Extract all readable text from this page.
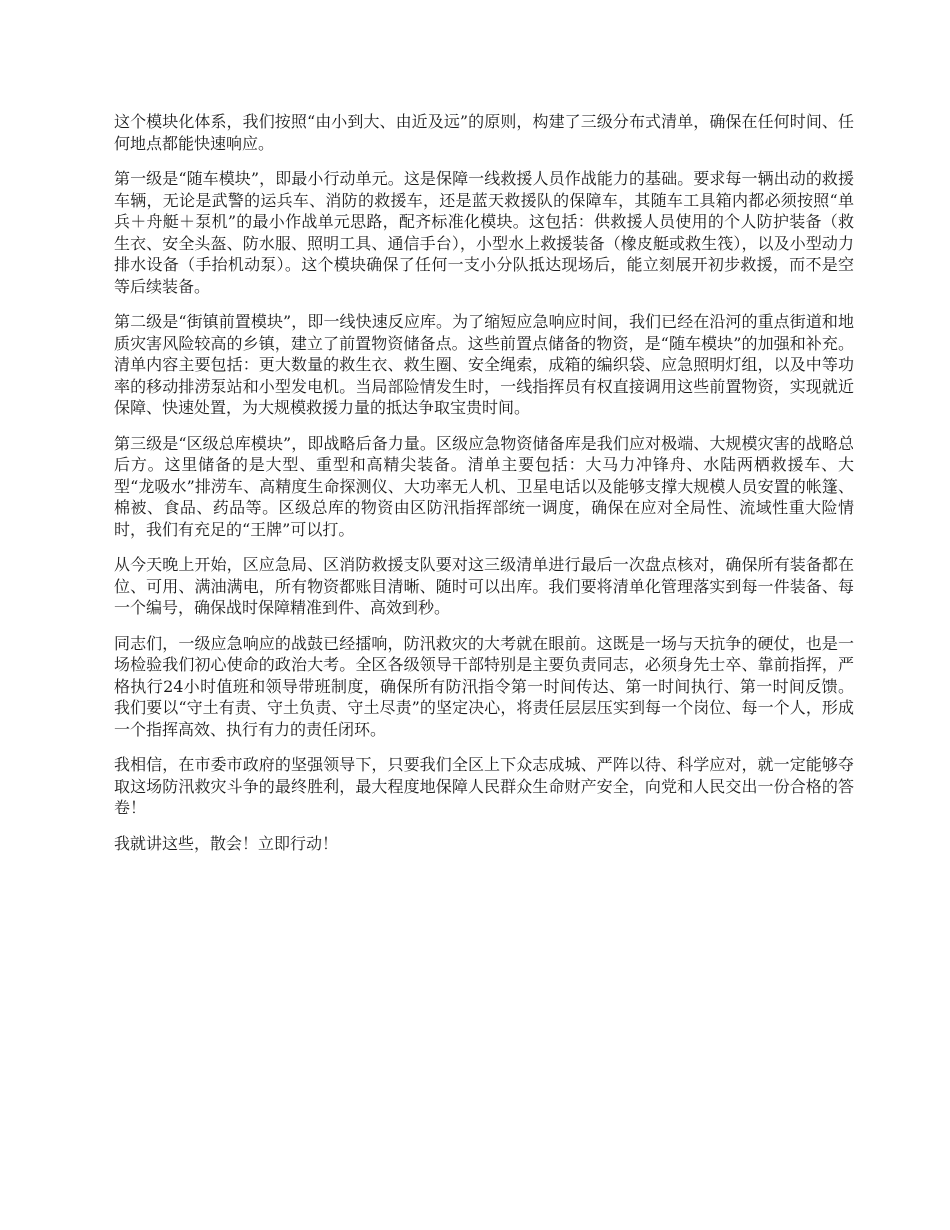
这个模块化体系，我们按照“由小到大、由近及远”的原则，构建了三级分布式清单，确保在任何时间、任何地点都能快速响应。

第一级是“随车模块”，即最小行动单元。这是保障一线救援人员作战能力的基础。要求每一辆出动的救援车辆，无论是武警的运兵车、消防的救援车，还是蓝天救援队的保障车，其随车工具箱内都必须按照“单兵＋舟艇＋泵机”的最小作战单元思路，配齐标准化模块。这包括：供救援人员使用的个人防护装备（救生衣、安全头盔、防水服、照明工具、通信手台），小型水上救援装备（橡皮艇或救生筏），以及小型动力排水设备（手抬机动泵）。这个模块确保了任何一支小分队抵达现场后，能立刻展开初步救援，而不是空等后续装备。

第二级是“街镇前置模块”，即一线快速反应库。为了缩短应急响应时间，我们已经在沿河的重点街道和地质灾害风险较高的乡镇，建立了前置物资储备点。这些前置点储备的物资，是“随车模块”的加强和补充。清单内容主要包括：更大数量的救生衣、救生圈、安全绳索，成箱的编织袋、应急照明灯组，以及中等功率的移动排涝泵站和小型发电机。当局部险情发生时，一线指挥员有权直接调用这些前置物资，实现就近保障、快速处置，为大规模救援力量的抵达争取宝贵时间。

第三级是“区级总库模块”，即战略后备力量。区级应急物资储备库是我们应对极端、大规模灾害的战略总后方。这里储备的是大型、重型和高精尖装备。清单主要包括：大马力冲锋舟、水陆两栖救援车、大型“龙吸水”排涝车、高精度生命探测仪、大功率无人机、卫星电话以及能够支撑大规模人员安置的帐篷、棉被、食品、药品等。区级总库的物资由区防汛指挥部统一调度，确保在应对全局性、流域性重大险情时，我们有充足的“王牌”可以打。

从今天晚上开始，区应急局、区消防救援支队要对这三级清单进行最后一次盘点核对，确保所有装备都在位、可用、满油满电，所有物资都账目清晰、随时可以出库。我们要将清单化管理落实到每一件装备、每一个编号，确保战时保障精准到件、高效到秒。

同志们，一级应急响应的战鼓已经擂响，防汛救灾的大考就在眼前。这既是一场与天抗争的硬仗，也是一场检验我们初心使命的政治大考。全区各级领导干部特别是主要负责同志，必须身先士卒、靠前指挥，严格执行24小时值班和领导带班制度，确保所有防汛指令第一时间传达、第一时间执行、第一时间反馈。我们要以“守土有责、守土负责、守土尽责”的坚定决心，将责任层层压实到每一个岗位、每一个人，形成一个指挥高效、执行有力的责任闭环。

我相信，在市委市政府的坚强领导下，只要我们全区上下众志成城、严阵以待、科学应对，就一定能够夺取这场防汛救灾斗争的最终胜利，最大程度地保障人民群众生命财产安全，向党和人民交出一份合格的答卷！

我就讲这些，散会！立即行动！
